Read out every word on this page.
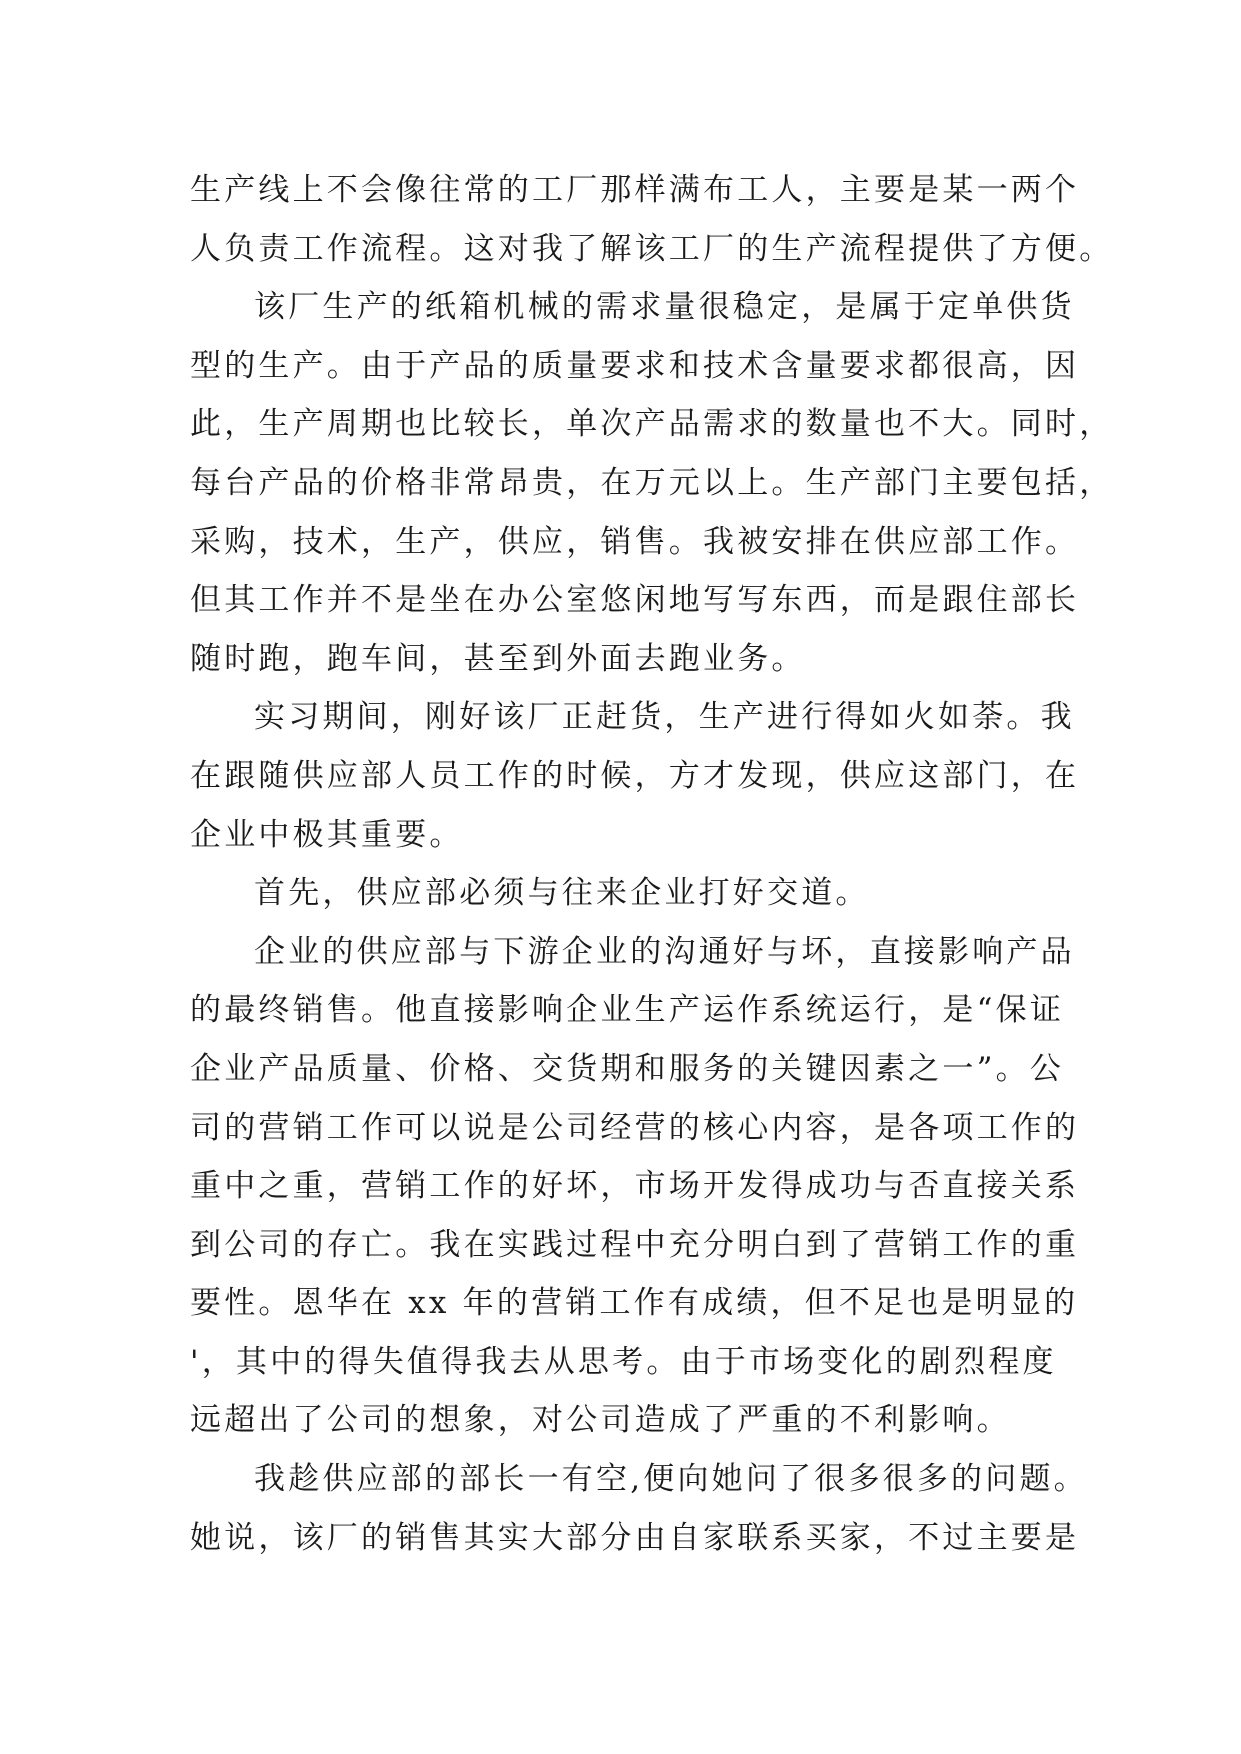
生产线上不会像往常的工厂那样满布工人，主要是某一两个
人负责工作流程。这对我了解该工厂的生产流程提供了方便。
该厂生产的纸箱机械的需求量很稳定，是属于定单供货
型的生产。由于产品的质量要求和技术含量要求都很高，因
此，生产周期也比较长，单次产品需求的数量也不大。同时，
每台产品的价格非常昂贵，在万元以上。生产部门主要包括，
采购，技术，生产，供应，销售。我被安排在供应部工作。
但其工作并不是坐在办公室悠闲地写写东西，而是跟住部长
随时跑，跑车间，甚至到外面去跑业务。
实习期间，刚好该厂正赶货，生产进行得如火如荼。我
在跟随供应部人员工作的时候，方才发现，供应这部门，在
企业中极其重要。
首先，供应部必须与往来企业打好交道。
企业的供应部与下游企业的沟通好与坏，直接影响产品
的最终销售。他直接影响企业生产运作系统运行，是“保证
企业产品质量、价格、交货期和服务的关键因素之一”。公
司的营销工作可以说是公司经营的核心内容，是各项工作的
重中之重，营销工作的好坏，市场开发得成功与否直接关系
到公司的存亡。我在实践过程中充分明白到了营销工作的重
要性。恩华在 xx 年的营销工作有成绩，但不足也是明显的
'，其中的得失值得我去从思考。由于市场变化的剧烈程度
远超出了公司的想象，对公司造成了严重的不利影响。
我趁供应部的部长一有空,便向她问了很多很多的问题。
她说，该厂的销售其实大部分由自家联系买家，不过主要是
